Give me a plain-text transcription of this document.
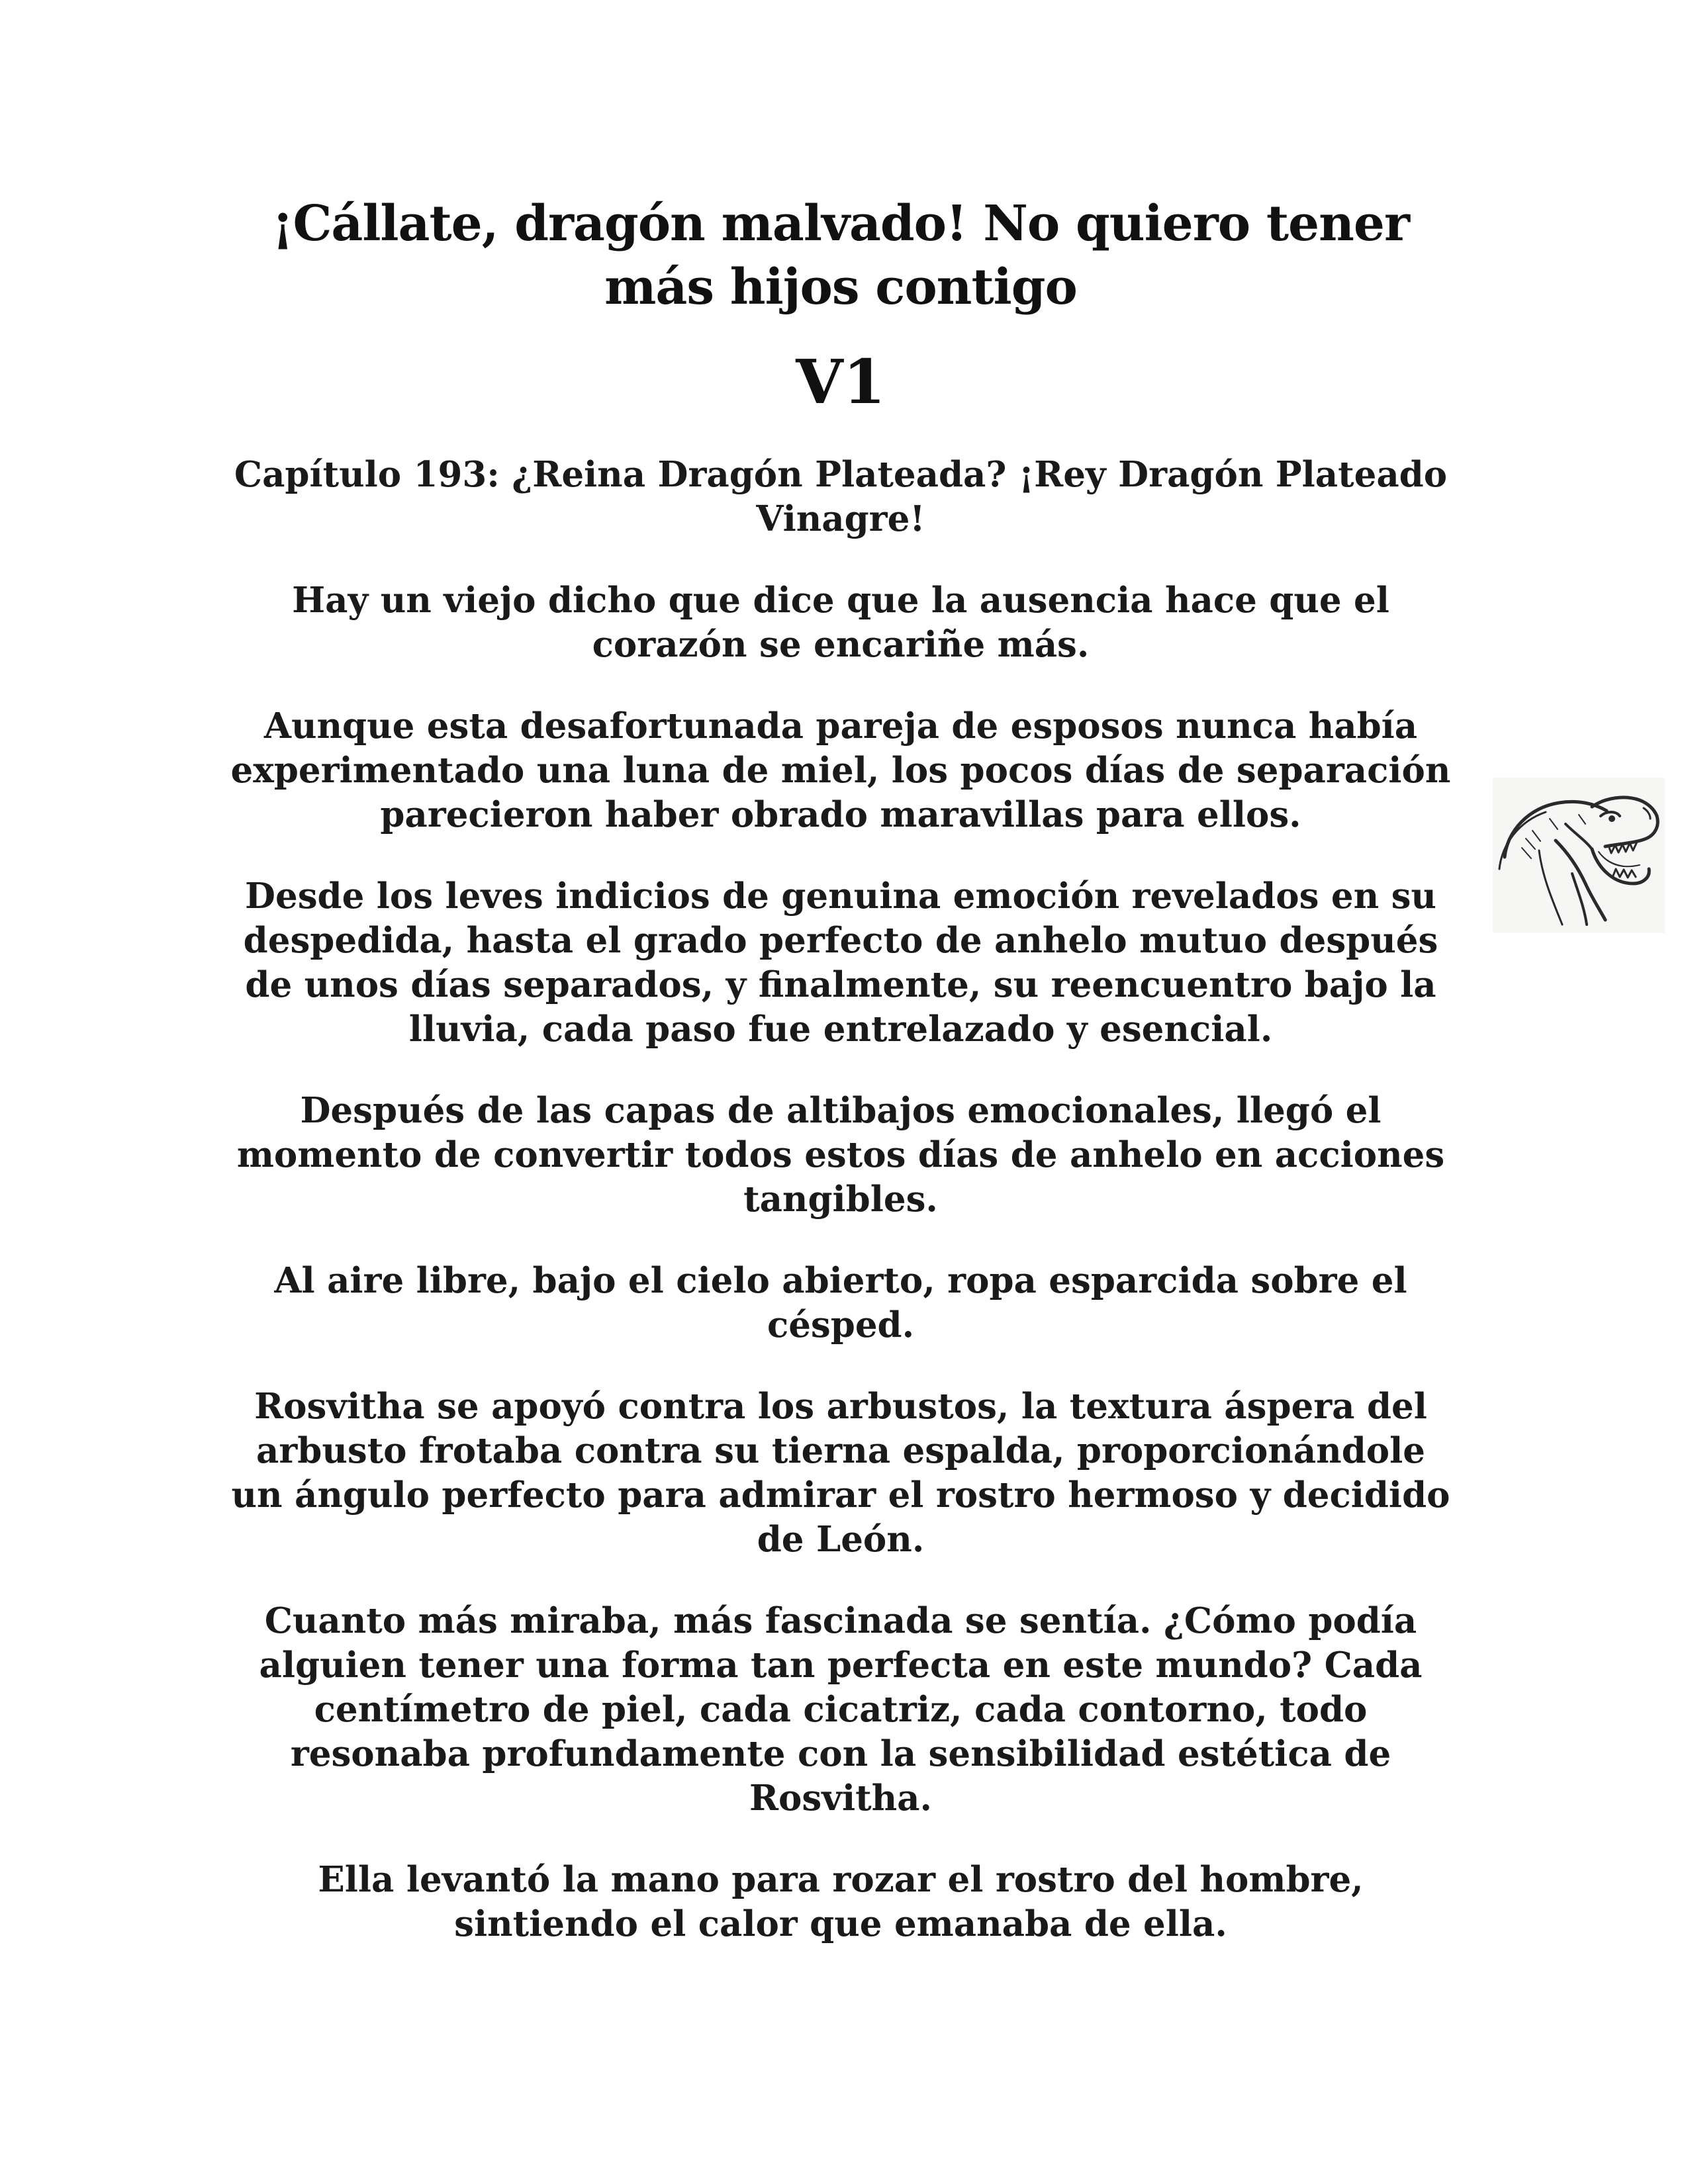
¡Cállate, dragón malvado! No quiero tener más hijos contigo
V1
Capítulo 193: ¿Reina Dragón Plateada? ¡Rey Dragón Plateado Vinagre!

Hay un viejo dicho que dice que la ausencia hace que el corazón se encariñe más.

Aunque esta desafortunada pareja de esposos nunca había experimentado una luna de miel, los pocos días de separación parecieron haber obrado maravillas para ellos.

Desde los leves indicios de genuina emoción revelados en su despedida, hasta el grado perfecto de anhelo mutuo después de unos días separados, y finalmente, su reencuentro bajo la lluvia, cada paso fue entrelazado y esencial.

Después de las capas de altibajos emocionales, llegó el momento de convertir todos estos días de anhelo en acciones tangibles.

Al aire libre, bajo el cielo abierto, ropa esparcida sobre el césped.

Rosvitha se apoyó contra los arbustos, la textura áspera del arbusto frotaba contra su tierna espalda, proporcionándole un ángulo perfecto para admirar el rostro hermoso y decidido de León.

Cuanto más miraba, más fascinada se sentía. ¿Cómo podía alguien tener una forma tan perfecta en este mundo? Cada centímetro de piel, cada cicatriz, cada contorno, todo resonaba profundamente con la sensibilidad estética de Rosvitha.

Ella levantó la mano para rozar el rostro del hombre, sintiendo el calor que emanaba de ella.
